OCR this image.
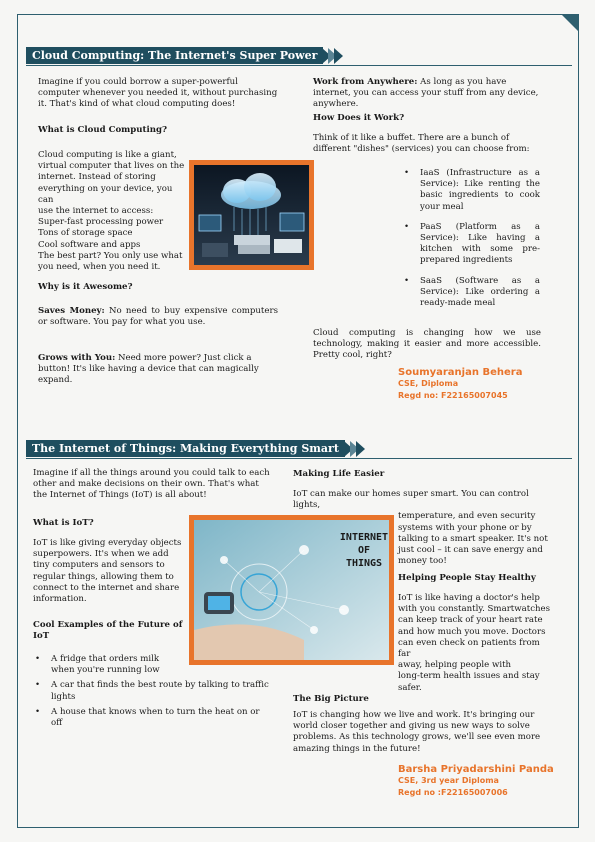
Cloud Computing: The Internet's Super Power

Imagine if you could borrow a super-powerful computer whenever you needed it, without purchasing it. That's kind of what cloud computing does!

What is Cloud Computing?

Cloud computing is like a giant,
virtual computer that lives on the
internet. Instead of storing
everything on your device, you can
use the internet to access:
Super-fast processing power
Tons of storage space
Cool software and apps
The best part? You only use what
you need, when you need it.

Why is it Awesome?

Saves Money: No need to buy expensive computers or software. You pay for what you use.

Grows with You: Need more power? Just click a button! It's like having a device that can magically expand.

Work from Anywhere: As long as you have internet, you can access your stuff from any device, anywhere.

How Does it Work?

Think of it like a buffet. There are a bunch of different "dishes" (services) you can choose from:

• IaaS (Infrastructure as a Service): Like renting the basic ingredients to cook your meal
• PaaS (Platform as a Service): Like having a kitchen with some pre-prepared ingredients
• SaaS (Software as a Service): Like ordering a ready-made meal

Cloud computing is changing how we use technology, making it easier and more accessible. Pretty cool, right?

Soumyaranjan Behera
CSE, Diploma
Regd no: F22165007045
The Internet of Things: Making Everything Smart

Imagine if all the things around you could talk to each other and make decisions on their own. That's what the Internet of Things (IoT) is all about!

What is IoT?

IoT is like giving everyday objects
superpowers. It's when we add
tiny computers and sensors to
regular things, allowing them to
connect to the internet and share
information.
INTERNET
OF
THINGS

Cool Examples of the Future of IoT

• A fridge that orders milk when you're running low
• A car that finds the best route by talking to traffic lights
• A house that knows when to turn the heat on or off

Making Life Easier

IoT can make our homes super smart. You can control lights,
temperature, and even security
systems with your phone or by
talking to a smart speaker. It's not
just cool – it can save energy and
money too!

Helping People Stay Healthy

IoT is like having a doctor's help
with you constantly. Smartwatches
can keep track of your heart rate
and how much you move. Doctors
can even check on patients from far
away, helping people with
long-term health issues and stay safer.

The Big Picture

IoT is changing how we live and work. It's bringing our world closer together and giving us new ways to solve problems. As this technology grows, we'll see even more amazing things in the future!

Barsha Priyadarshini Panda
CSE, 3rd year Diploma
Regd no :F22165007006
